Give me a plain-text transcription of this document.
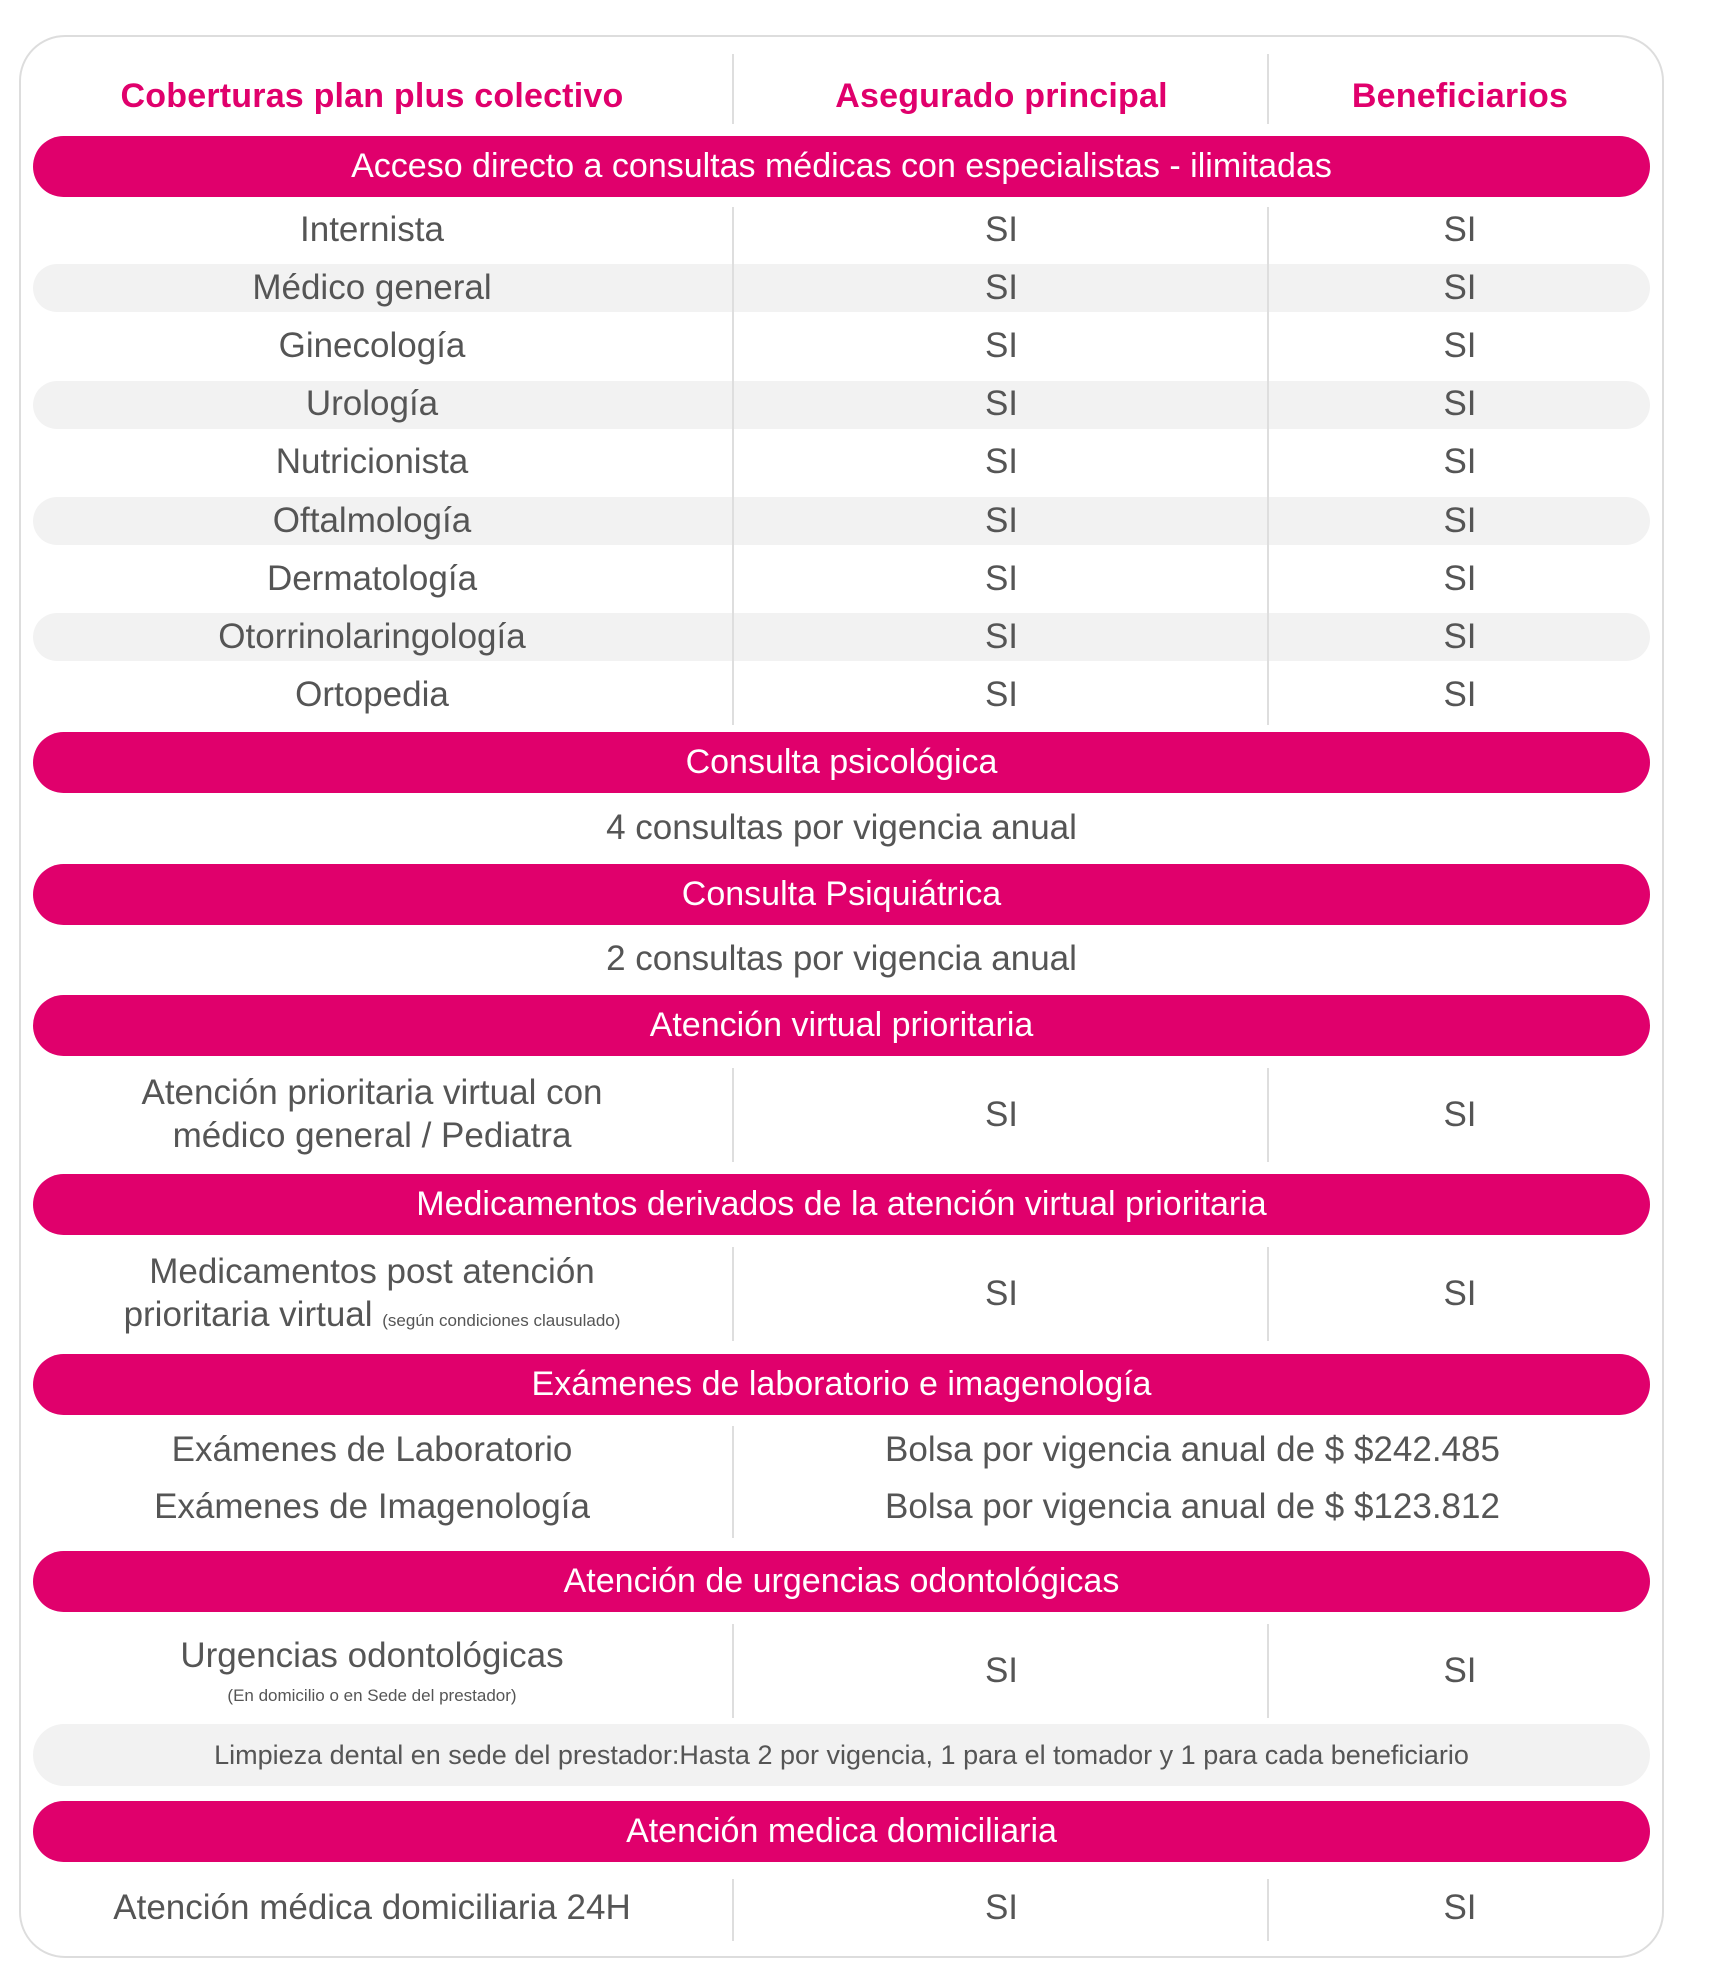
Coberturas plan plus colectivo	Asegurado principal	Beneficiarios
Acceso directo a consultas médicas con especialistas - ilimitadas
Internista	SI	SI
Médico general	SI	SI
Ginecología	SI	SI
Urología	SI	SI
Nutricionista	SI	SI
Oftalmología	SI	SI
Dermatología	SI	SI
Otorrinolaringología	SI	SI
Ortopedia	SI	SI
Consulta psicológica
4 consultas por vigencia anual
Consulta Psiquiátrica
2 consultas por vigencia anual
Atención virtual prioritaria
Atención prioritaria virtual con
médico general / Pediatra
SI	SI
Medicamentos derivados de la atención virtual prioritaria
Medicamentos post atención
prioritaria virtual (según condiciones clausulado)
SI	SI
Exámenes de laboratorio e imagenología
Exámenes de Laboratorio	Bolsa por vigencia anual de $ $242.485
Exámenes de Imagenología	Bolsa por vigencia anual de $ $123.812
Atención de urgencias odontológicas
Urgencias odontológicas
(En domicilio o en Sede del prestador)
SI	SI
Limpieza dental en sede del prestador:Hasta 2 por vigencia, 1 para el tomador y 1 para cada beneficiario
Atención medica domiciliaria
Atención médica domiciliaria 24H	SI	SI
